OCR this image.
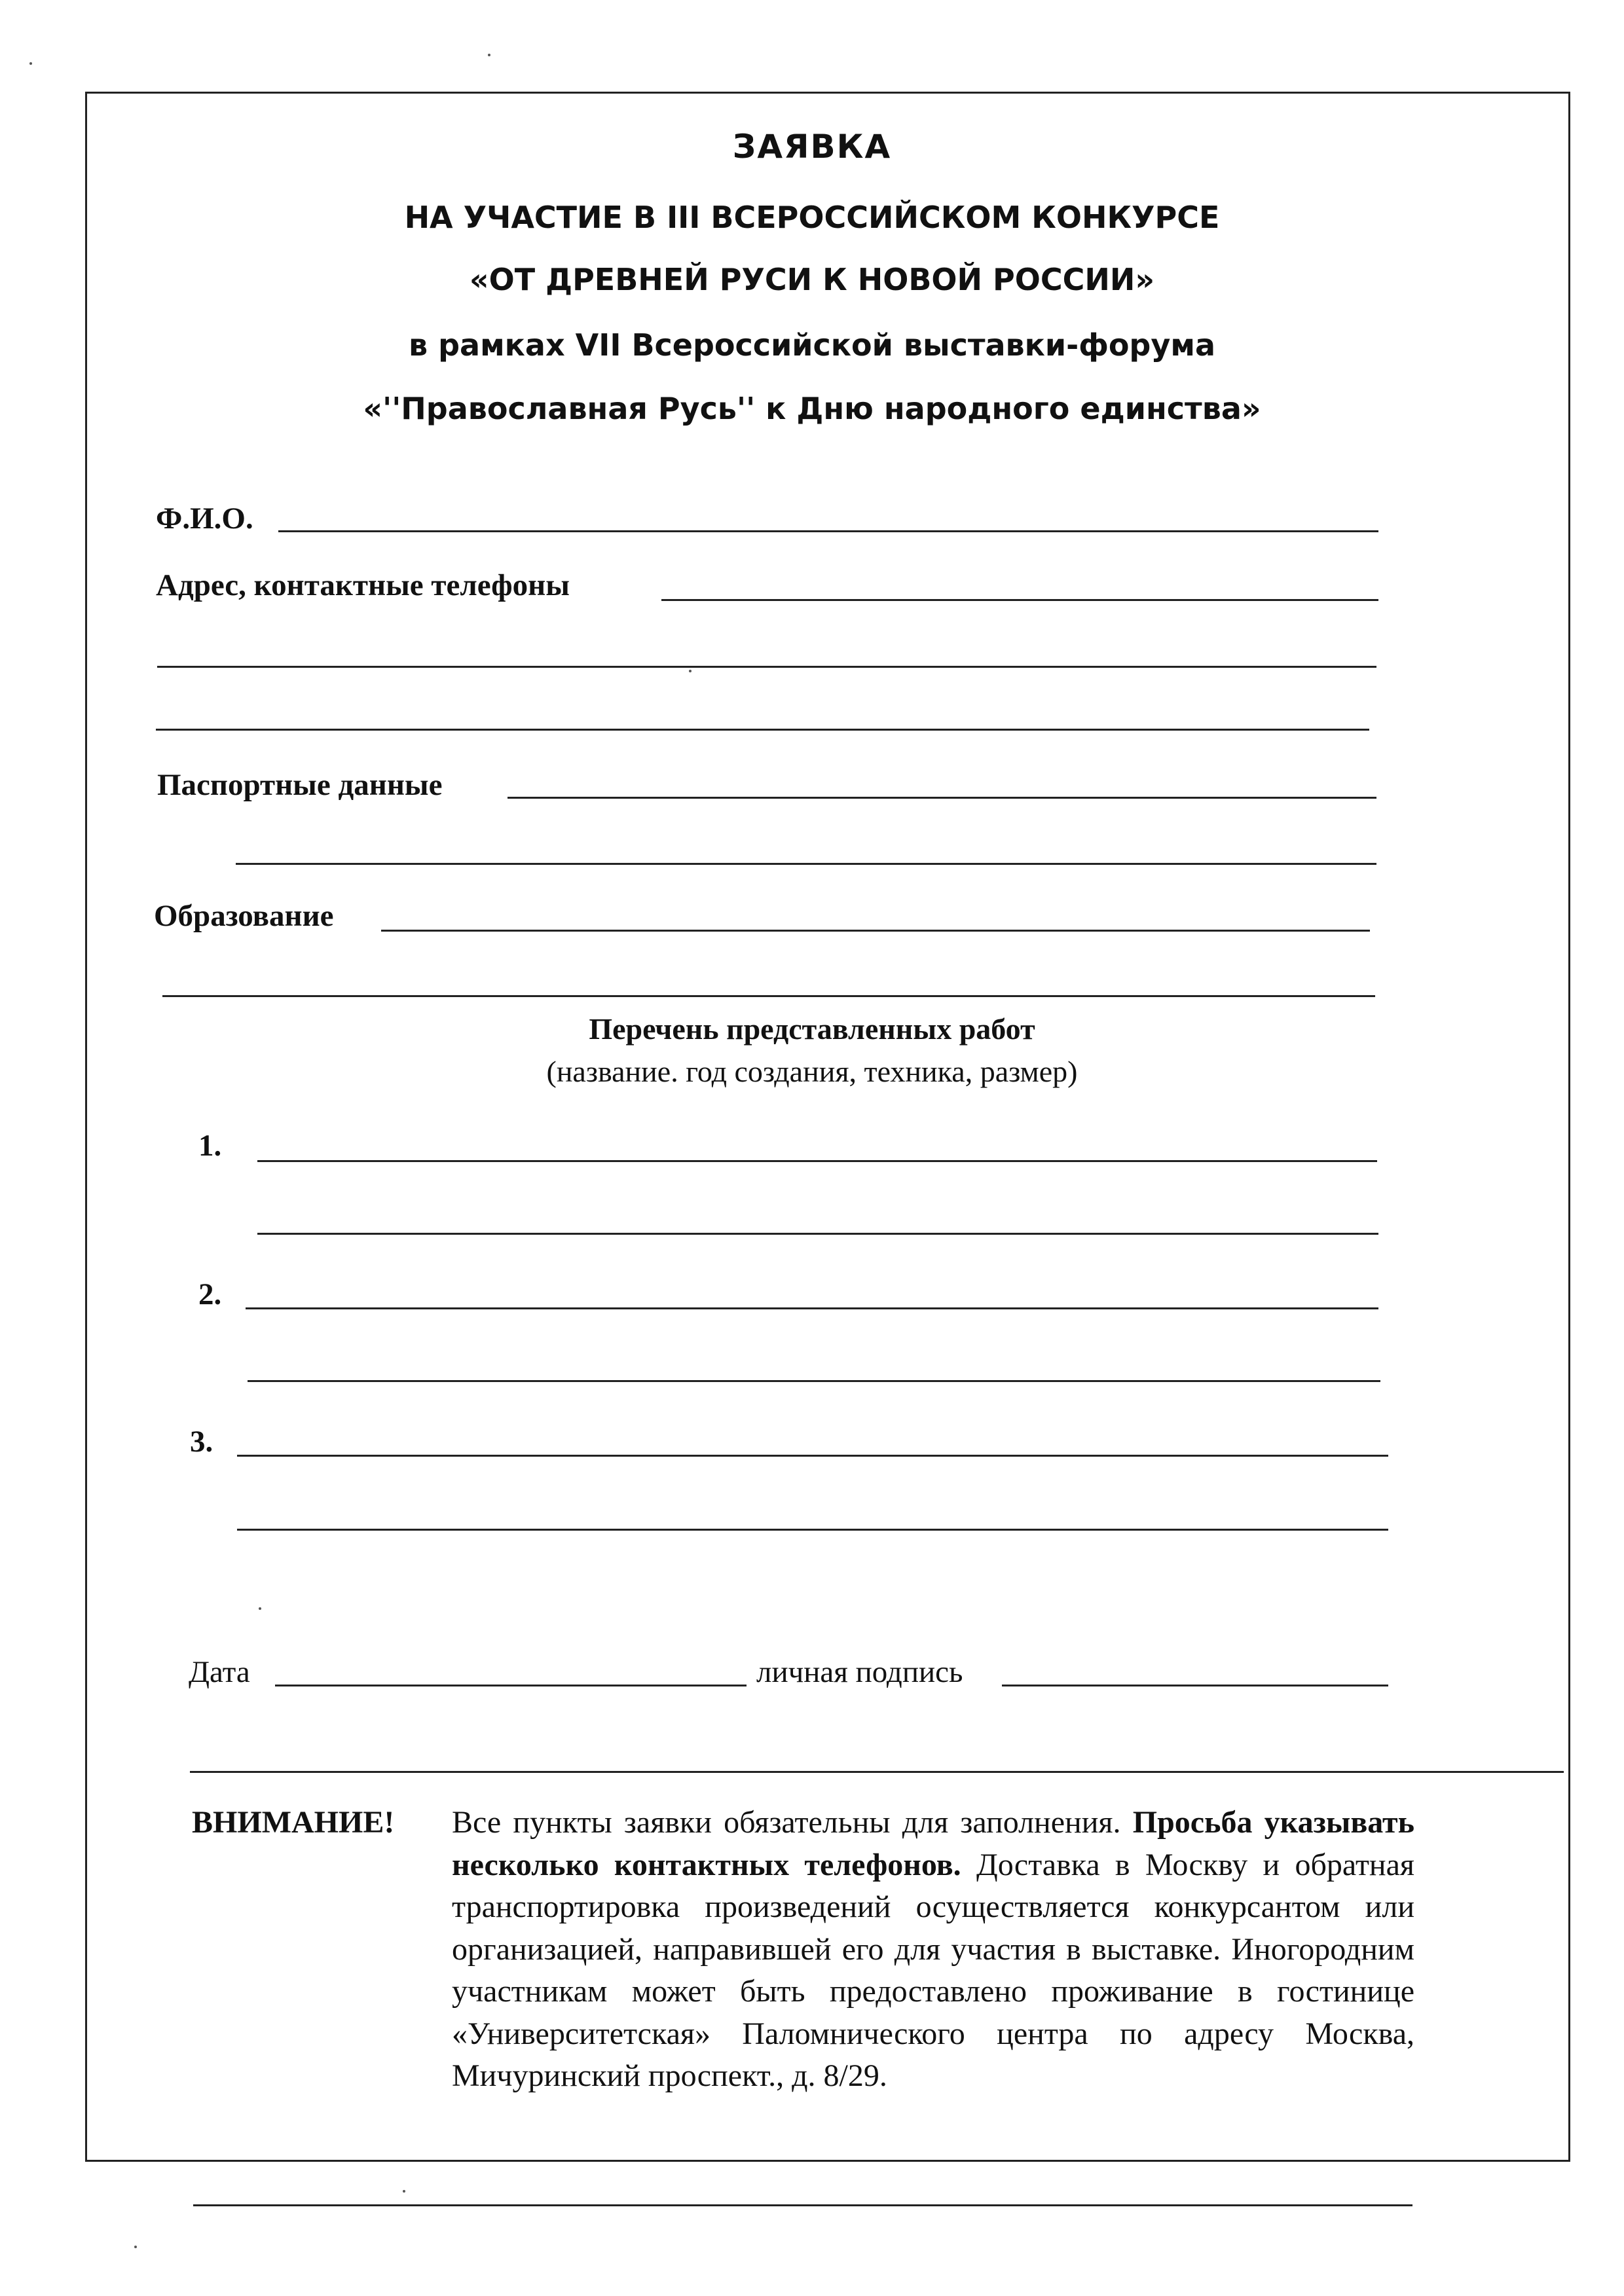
ЗАЯВКА
НА УЧАСТИЕ В III ВСЕРОССИЙСКОМ КОНКУРСЕ
«ОТ ДРЕВНЕЙ РУСИ К НОВОЙ РОССИИ»
в рамках VII Всероссийской выставки-форума
«''Православная Русь'' к Дню народного единства»
Ф.И.О.
Адрес, контактные телефоны
Паспортные данные
Образование
Перечень представленных работ
(название. год создания, техника, размер)
1.
2.
3.
Дата	личная подпись
ВНИМАНИЕ! Все пункты заявки обязательны для заполнения. Просьба указывать несколько контактных телефонов. Доставка в Москву и обратная транспортировка произведений осуществляется конкурсантом или организацией, направившей его для участия в выставке. Иногородним участникам может быть предоставлено проживание в гостинице «Университетская» Паломнического центра по адресу Москва, Мичуринский проспект., д. 8/29.
